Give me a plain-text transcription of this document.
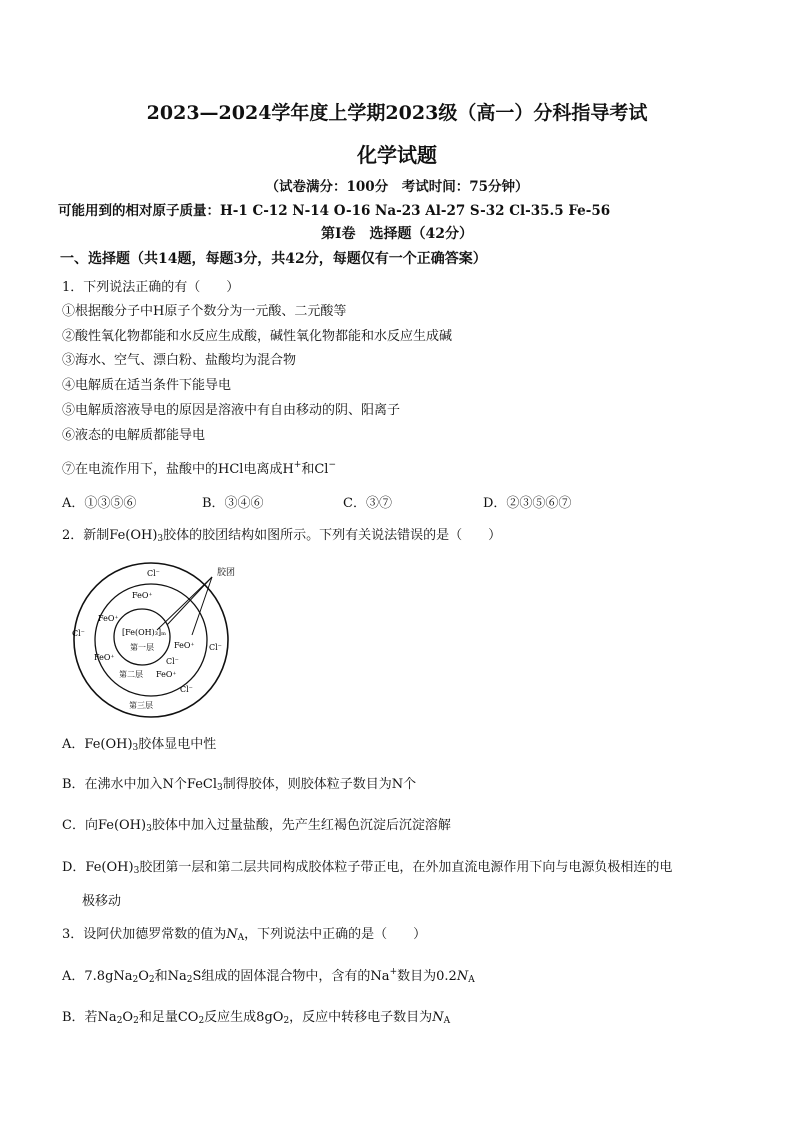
2023—2024学年度上学期2023级（高一）分科指导考试
化学试题
（试卷满分：100分　考试时间：75分钟）
可能用到的相对原子质量：H-1 C-12 N-14 O-16 Na-23 Al-27 S-32 Cl-35.5 Fe-56
第Ⅰ卷　选择题（42分）
一、选择题（共14题，每题3分，共42分，每题仅有一个正确答案）
1．下列说法正确的有（　　）
①根据酸分子中H原子个数分为一元酸、二元酸等
②酸性氧化物都能和水反应生成酸，碱性氧化物都能和水反应生成碱
③海水、空气、漂白粉、盐酸均为混合物
④电解质在适当条件下能导电
⑤电解质溶液导电的原因是溶液中有自由移动的阴、阳离子
⑥液态的电解质都能导电
⑦在电流作用下，盐酸中的HCl电离成H+和Cl−
A．①③⑤⑥	B．③④⑥	C．③⑦	D．②③⑤⑥⑦
2．新制$Fe(OH)_3$胶体的胶团结构如图所示。下列有关说法错误的是（　　）
胶团
Cl⁻
Cl⁻
Cl⁻
Cl⁻
Cl⁻
FeO⁺
FeO⁺
FeO⁺
FeO⁺
[Fe(OH)₃]ₘ
第一层
第二层 FeO⁺
第三层
A．$Fe(OH)_3$胶体显电中性
B．在沸水中加入N个FeCl$_3$制得胶体，则胶体粒子数目为N个
C．向$Fe(OH)_3$胶体中加入过量盐酸，先产生红褐色沉淀后沉淀溶解
D．$Fe(OH)_3$胶团第一层和第二层共同构成胶体粒子带正电，在外加直流电源作用下向与电源负极相连的电
极移动
3．设阿伏加德罗常数的值为$N_A$，下列说法中正确的是（　　）
A．$7.8gNa_2O_2$和$Na_2S$组成的固体混合物中，含有的Na+数目为$0.2N_A$
B．若$Na_2O_2$和足量$CO_2$反应生成$8gO_2$，反应中转移电子数目为$N_A$
